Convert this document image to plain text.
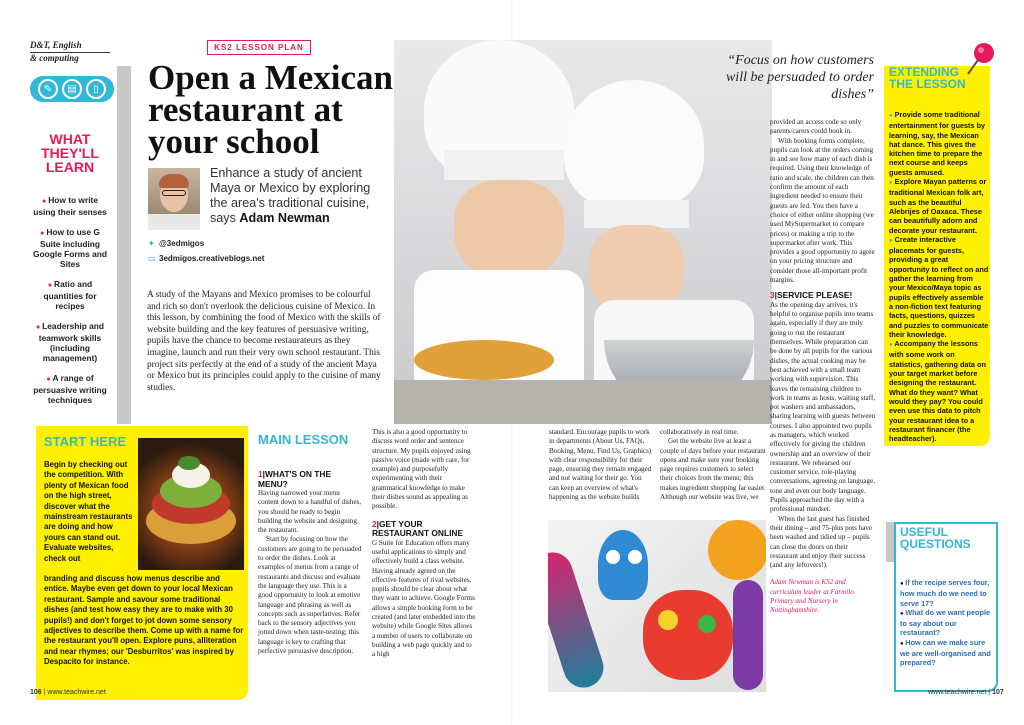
D&T, English
& computing
✎	▤	▯
WHAT THEY'LL LEARN
● How to write using their senses
● How to use G Suite including Google Forms and Sites
● Ratio and quantities for recipes
● Leadership and teamwork skills (including management)
● A range of persuasive writing techniques
KS2 LESSON PLAN
Open a Mexican restaurant at your school
Enhance a study of ancient Maya or Mexico by exploring the area's traditional cuisine, says Adam Newman
✦ @3edmigos
▭ 3edmigos.creativeblogs.net

A study of the Mayans and Mexico promises to be colourful and rich so don't overlook the delicious cuisine of Mexico. In this lesson, by combining the food of Mexico with the skills of website building and the key features of persuasive writing, pupils have the chance to become restaurateurs as they imagine, launch and run their very own school restaurant. This project sits perfectly at the end of a study of the ancient Maya or Mexico but its principles could apply to the cuisine of many studies.

“Focus on how customers will be persuaded to order dishes”
START HERE

Begin by checking out the competition. With plenty of Mexican food on the high street, discover what the mainstream restaurants are doing and how yours can stand out. Evaluate websites, check out

branding and discuss how menus describe and entice. Maybe even get down to your local Mexican restaurant. Sample and savour some traditional dishes (and test how easy they are to make with 30 pupils!) and don't forget to jot down some sensory adjectives to describe them. Come up with a name for the restaurant you'll open. Explore puns, alliteration and near rhymes; our 'Desburritos' was inspired by Despacito for instance.

MAIN LESSON

1|WHAT'S ON THE MENU?

Having narrowed your menu content down to a handful of dishes, you should be ready to begin building the website and designing the restaurant.

Start by focusing on how the customers are going to be persuaded to order the dishes. Look at examples of menus from a range of restaurants and discuss and evaluate the language they use. This is a good opportunity to look at emotive language and phrasing as well as concepts such as superlatives. Refer back to the sensory adjectives you jotted down when taste-testing; this language is key to crafting that perfective persuasive description.

This is also a good opportunity to discuss word order and sentence structure. My pupils enjoyed using passive voice (made with care, for example) and purposefully experimenting with their grammatical knowledge to make their dishes sound as appealing as possible.

2|GET YOUR RESTAURANT ONLINE

G Suite for Education offers many useful applications to simply and effectively build a class website. Having already agreed on the effective features of rival websites, pupils should be clear about what they want to achieve. Google Forms allows a simple booking form to be created (and later embedded into the website) while Google Sites allows a number of users to collaborate on building a web page quickly and to a high

standard. Encourage pupils to work in departments (About Us, FAQs, Booking, Menu, Find Us, Graphics) with clear responsibility for their page, ensuring they remain engaged and not waiting for their go. You can keep an overview of what's happening as the website builds

collaboratively in real time.

Get the website live at least a couple of days before your restaurant opens and make sure your booking page requires customers to select their choices from the menu; this makes ingredient shopping far easier. Although our website was live, we

provided an access code so only parents/carers could book in.

With booking forms complete, pupils can look at the orders coming in and see how many of each dish is required. Using their knowledge of ratio and scale, the children can then confirm the amount of each ingredient needed to ensure their guests are fed. You then have a choice of either online shopping (we used MySupermarket to compare prices) or making a trip to the supermarket after work. This provides a good opportunity to agree on your pricing structure and consider those all-important profit margins.

3|SERVICE PLEASE!

As the opening day arrives, it's helpful to organise pupils into teams again, especially if they are truly going to run the restaurant themselves. While preparation can be done by all pupils for the various dishes, the actual cooking may be best achieved with a small team working with supervision. This leaves the remaining children to work in teams as hosts, waiting staff, pot washers and ambassadors, sharing learning with guests between courses. I also appointed two pupils as managers, which worked effectively for giving the children ownership and an overview of their restaurant. We rehearsed our customer service, role-playing conversations, agreeing on language, tone and even our body language. Pupils approached the day with a professional mindset.

When the last guest has finished their dining – and 75-plus pots have been washed and tidied up – pupils can close the doors on their restaurant and enjoy their success (and any leftovers!).

Adam Newman is KS2 and curriculum leader at Farmilo Primary and Nursery in Nottinghamshire.

EXTENDING THE LESSON
● Provide some traditional entertainment for guests by learning, say, the Mexican hat dance. This gives the kitchen time to prepare the next course and keeps guests amused.
● Explore Mayan patterns or traditional Mexican folk art, such as the beautiful Alebrijes of Oaxaca. These can beautifully adorn and decorate your restaurant.
● Create interactive placemats for guests, providing a great opportunity to reflect on and gather the learning from your Mexico/Maya topic as pupils effectively assemble a non-fiction text featuring facts, questions, quizzes and puzzles to communicate their knowledge.
● Accompany the lessons with some work on statistics, gathering data on your target market before designing the restaurant. What do they want? What would they pay? You could even use this data to pitch your restaurant idea to a restaurant financer (the headteacher).
USEFUL QUESTIONS
● If the recipe serves four, how much do we need to serve 17?
● What do we want people to say about our restaurant?
● How can we make sure we are well-organised and prepared?
106 | www.teachwire.net	www.teachwire.net | 107
